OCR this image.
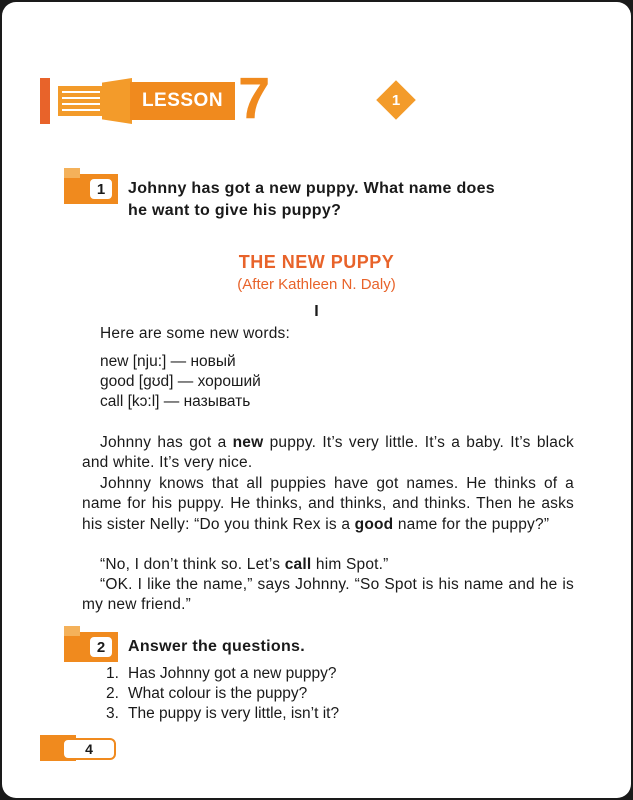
LESSON 7	1
1	Johnny has got a new puppy. What name does
he want to give his puppy?
THE NEW PUPPY
(After Kathleen N. Daly)
I
Here are some new words:
new [nju:] — новый
good [gʊd] — хороший
call [kɔ:l] — называть
Johnny has got a new puppy. It’s very little. It’s a baby. It’s black and white. It’s very nice.
Johnny knows that all puppies have got names. He thinks of a name for his puppy. He thinks, and thinks, and thinks. Then he asks his sister Nelly: “Do you think Rex is a good name for the puppy?”
“No, I don’t think so. Let’s call him Spot.”
“OK. I like the name,” says Johnny. “So Spot is his name and he is my new friend.”
2	Answer the questions.
1. Has Johnny got a new puppy?
2. What colour is the puppy?
3. The puppy is very little, isn’t it?
4
